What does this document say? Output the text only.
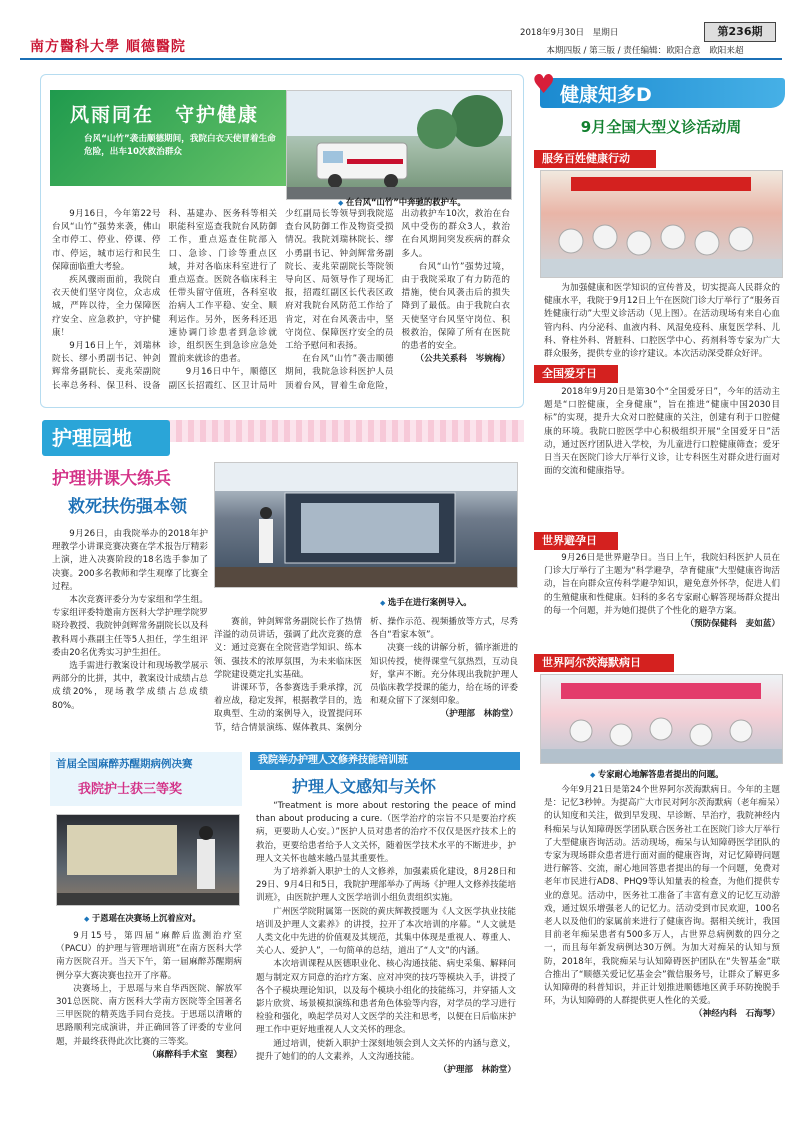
南方醫科大學 順德醫院
2018年9月30日　星期日	第236期
本期四版 / 第三版 / 责任编辑：欧阳合意　欧阳来超
风雨同在　守护健康
台风“山竹”袭击顺德期间，我院白衣天使冒着生命危险，出车10次救治群众
◆ 在台风“山竹”中奔驰的救护车。

9月16日，今年第22号台风“山竹”强势来袭，佛山全市停工、停业、停课、停市、停运，城市运行和民生保障面临重大考验。

疾风骤雨面前，我院白衣天使们坚守岗位，众志成城，严阵以待，全力保障医疗安全、应急救护，守护健康！

9月16日上午，刘瑞林院长、缪小勇副书记、钟剑辉常务副院长、麦兆荣副院长率总务科、保卫科、设备科、基建办、医务科等相关职能科室巡查我院台风防御工作，重点巡查住院部入口、急诊、门诊等重点区域，并对各临床科室进行了重点巡查。医院各临床科主任带头留守值班，各科室收治病人工作平稳、安全、顺利运作。另外，医务科还迅速协调门诊患者到急诊就诊，组织医生到急诊应急处置前来就诊的患者。

9月16日中午，顺德区副区长招霞红、区卫计局叶少红副局长等领导到我院巡查台风防御工作及物资受损情况。我院刘瑞林院长、缪小勇副书记、钟剑辉常务副院长、麦兆荣副院长等院领导向区、局领导作了现场汇报，招霞红副区长代表区政府对我院台风防范工作给了肯定，对在台风袭击中，坚守岗位、保障医疗安全的员工给予慰问和表扬。

在台风“山竹”袭击顺德期间，我院急诊科医护人员顶着台风，冒着生命危险，出动救护车10次，救治在台风中受伤的群众3人，救治在台风期间突发疾病的群众多人。

台风“山竹”强势过境，由于我院采取了有力防范的措施，使台风袭击后的损失降到了最低。由于我院白衣天使坚守台风坚守岗位、积极救治，保障了所有在医院的患者的安全。

（公共关系科　岑婉梅）
♥ 健康知多D
9月全国大型义诊活动周
服务百姓健康行动

为加强健康和医学知识的宣传普及，切实提高人民群众的健康水平，我院于9月12日上午在医院门诊大厅举行了“服务百姓健康行动”大型义诊活动（见上图）。在活动现场有来自心血管内科、内分泌科、血液内科、风湿免疫科、康复医学科、儿科、脊柱外科、肾脏科、口腔医学中心、药剂科等专家为广大群众服务，提供专业的诊疗建议。本次活动深受群众好评。

全国爱牙日

2018年9月20日是第30个“全国爱牙日”，今年的活动主题是“口腔健康，全身健康”，旨在推进“健康中国2030目标”的实现，提升大众对口腔健康的关注，创建有利于口腔健康的环境。我院口腔医学中心积极组织开展“全国爱牙日”活动，通过医疗团队进入学校，为儿童进行口腔健康筛查；爱牙日当天在医院门诊大厅举行义诊，让专科医生对群众进行面对面的交流和健康指导。

世界避孕日

9月26日是世界避孕日。当日上午，我院妇科医护人员在门诊大厅举行了主题为“科学避孕，孕育健康”大型健康咨询活动，旨在向群众宣传科学避孕知识，避免意外怀孕，促进人们的生殖健康和性健康。妇科的多名专家耐心解答现场群众提出的每一个问题，并为她们提供了个性化的避孕方案。

（预防保健科　麦如蓝）
世界阿尔茨海默病日
◆ 专家耐心地解答患者提出的问题。

今年9月21日是第24个世界阿尔茨海默病日。今年的主题是：记忆3秒钟。为提高广大市民对阿尔茨海默病（老年痴呆）的认知度和关注，做到早发现、早诊断、早治疗，我院神经内科痴呆与认知障碍医学团队联合医务社工在医院门诊大厅举行了大型健康咨询活动。活动现场，痴呆与认知障碍医学团队的专家为现场群众患者进行面对面的健康咨询，对记忆障碍问题进行解答、交流，耐心地回答患者提出的每一个问题，免费对老年市民进行AD8、PHQ9等认知量表的检查，为他们提供专业的意见。活动中，医务社工准备了丰富有意义的记忆互动游戏，通过娱乐增强老人的记忆力。活动受到市民欢迎，100名老人以及他们的家属前来进行了健康咨询。据相关统计，我国目前老年痴呆患者有500多万人，占世界总病例数的四分之一，而且每年新发病例达30万例。为加大对痴呆的认知与预防，2018年，我院痴呆与认知障碍医护团队在“失智基金”联合推出了“顺德关爱记忆基金会”微信服务号，让群众了解更多认知障碍的科普知识，并正计划推进顺德地区黄手环防挽脱手环，为认知障碍的人群提供更人性化的关爱。

（神经内科　石海琴）
护理园地
护理讲课大练兵
救死扶伤强本领
◆ 选手在进行案例导入。

9月26日，由我院举办的2018年护理教学小讲课竞赛决赛在学术报告厅精彩上演，进入决赛阶段的18名选手参加了决赛。200多名教师和学生观摩了比赛全过程。

本次竞赛评委分为专家组和学生组。专家组评委特邀南方医科大学护理学院罗晓玲教授、我院钟剑辉常务副院长以及科教科周小燕副主任等5人担任，学生组评委由20名优秀实习护生担任。

选手需进行教案设计和现场教学展示两部分的比拼，其中，教案设计成绩占总成绩20%，现场教学成绩占总成绩80%。

赛前，钟剑辉常务副院长作了热情洋溢的动员讲话，强调了此次竞赛的意义：通过竞赛在全院营造学知识、练本领、强技术的浓厚氛围，为未来临床医学院建设奠定扎实基础。

讲课环节，各参赛选手秉承撑，沉着应战，稳定发挥，根据教学目的，选取典型、生动的案例导入，设置提问环节，结合情景演练、媒体教具、案例分析、操作示范、视频播放等方式，尽秀各自“看家本领”。

决赛一线的讲解分析，循序渐进的知识传授，使得课堂气氛热烈，互动良好，掌声不断。充分体现出我院护理人员临床教学授课的能力，给在场的评委和观众留下了深刻印象。

（护理部　林韵堂）
首届全国麻醉苏醒期病例决赛
我院护士获三等奖
◆ 于恩瑶在决赛场上沉着应对。

9月15号，第四届“麻醉后监测治疗室（PACU）的护理与管理培训班”在南方医科大学南方医院召开。当天下午，第一届麻醉苏醒期病例分享大赛决赛也拉开了序幕。

决赛场上，于思瑶与来自华西医院、解放军301总医院、南方医科大学南方医院等全国著名三甲医院的精英选手同台竞技。于思瑶以清晰的思路顺利完成演讲，并正确回答了评委的专业问题，并最终获得此次比赛的三等奖。

（麻醉科手术室　窦程）
我院举办护理人文修养技能培训班
护理人文感知与关怀

“Treatment is more about restoring the peace of mind than about producing a cure.（医学治疗的宗旨不只是要治疗疾病，更要助人心安。）”医护人员对患者的治疗不仅仅是医疗技术上的救治，更要给患者给予人文关怀，随着医学技术水平的不断进步，护理人文关怀也越来越凸显其重要性。

为了培养新入职护士的人文修养，加强素质化建设，8月28日和29日、9月4日和5日，我院护理部举办了两场《护理人文修养技能培训班》，由医院护理人文医学培训小组负责组织实施。

广州医学院附属第一医院的黄庆辉教授题为《人文医学执业技能培训及护理人文素养》的讲授，拉开了本次培训的序幕。“人文就是人类文化中先进的价值观及其规范，其集中体现是重视人、尊重人、关心人、爱护人”，一句简单的总结，道出了“人文”的内涵。

本次培训课程从医德职业化、核心沟通技能、病史采集、解释问题与制定双方同意的治疗方案、应对冲突的技巧等模块入手，讲授了各个子模块理论知识，以及每个模块小组化的技能练习，并穿插人文影片欣赏、场景模拟演练和患者角色体验等内容，对学员的学习进行检验和强化，唤起学员对人文医学的关注和思考，以便在日后临床护理工作中更好地重视人人文关怀的理念。

通过培训，使新入职护士深刻地领会到人文关怀的内涵与意义，提升了她们的的人文素养，人文沟通技能。

（护理部　林韵堂）
